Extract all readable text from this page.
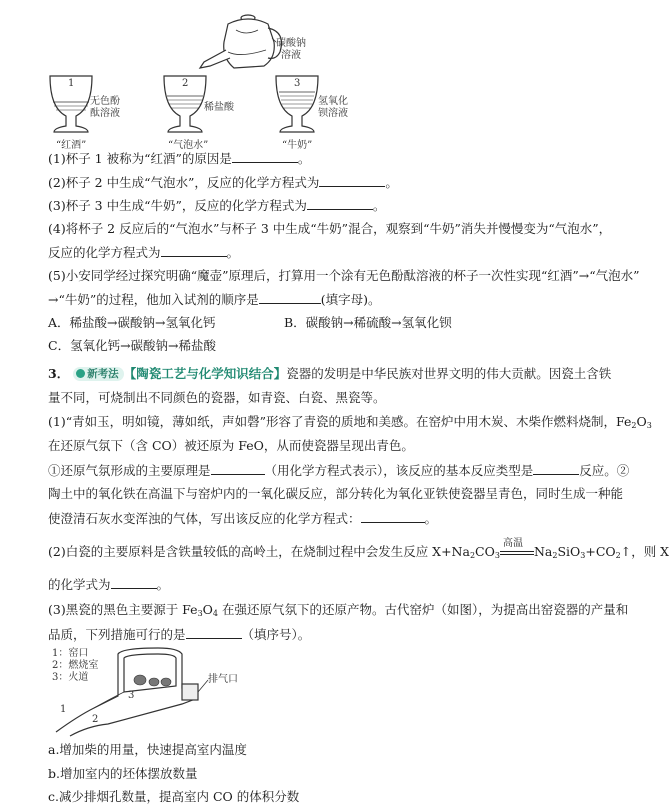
碳酸钠
溶液
1	2	3
无色酚
酞溶液
稀盐酸
氢氧化
钡溶液
“红酒”	“气泡水”	“牛奶”
(1)杯子 1 被称为“红酒”的原因是	。
(2)杯子 2 中生成“气泡水”，反应的化学方程式为	。
(3)杯子 3 中生成“牛奶”，反应的化学方程式为	。
(4)将杯子 2 反应后的“气泡水”与杯子 3 中生成“牛奶”混合，观察到“牛奶”消失并慢慢变为“气泡水”，
反应的化学方程式为	。
(5)小安同学经过探究明确“魔壶”原理后，打算用一个涂有无色酚酞溶液的杯子一次性实现“红酒”→“气泡水”
→“牛奶”的过程，他加入试剂的顺序是	(填字母)。
A．稀盐酸→碳酸钠→氢氧化钙	B．碳酸钠→稀硫酸→氢氧化钡
C．氢氧化钙→碳酸钠→稀盐酸
3． 新考法 【陶瓷工艺与化学知识结合】瓷器的发明是中华民族对世界文明的伟大贡献。因瓷土含铁
量不同，可烧制出不同颜色的瓷器，如青瓷、白瓷、黑瓷等。
(1)“青如玉，明如镜，薄如纸，声如磬”形容了青瓷的质地和美感。在窑炉中用木炭、木柴作燃料烧制，$Fe_2O_3$
在还原气氛下（含 CO）被还原为 FeO，从而使瓷器呈现出青色。
①还原气氛形成的主要原理是	（用化学方程式表示），该反应的基本反应类型是	反应。②
陶土中的氧化铁在高温下与窑炉内的一氧化碳反应，部分转化为氧化亚铁使瓷器呈青色，同时生成一种能
使澄清石灰水变浑浊的气体，写出该反应的化学方程式：	。
(2)白瓷的主要原料是含铁量较低的高岭土，在烧制过程中会发生反应 $X+Na_2CO_3$
高温
$Na_2SiO_3+CO_2↑$，则 X
的化学式为	。
(3)黑瓷的黑色主要源于 $Fe_3O_4$ 在强还原气氛下的还原产物。古代窑炉（如图），为提高出窑瓷器的产量和
品质，下列措施可行的是	（填序号）。
1：窑口
2：燃烧室
3：火道	排气口
1
2
3
a.增加柴的用量，快速提高室内温度
b.增加室内的坯体摆放数量
c.减少排烟孔数量，提高室内 CO 的体积分数
